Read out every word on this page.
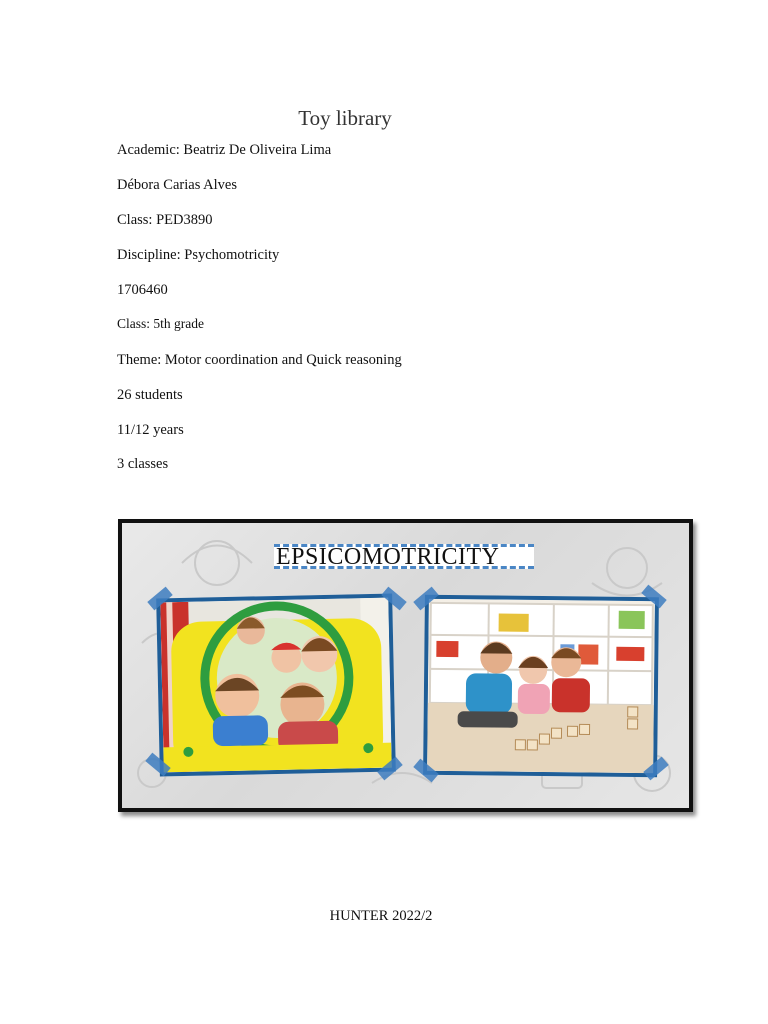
Toy library
Academic: Beatriz De Oliveira Lima
Débora Carias Alves
Class: PED3890
Discipline: Psychomotricity
1706460
Class: 5th grade
Theme: Motor coordination and Quick reasoning
26 students
11/12 years
3 classes
EPSICOMOTRICITY
HUNTER 2022/2
